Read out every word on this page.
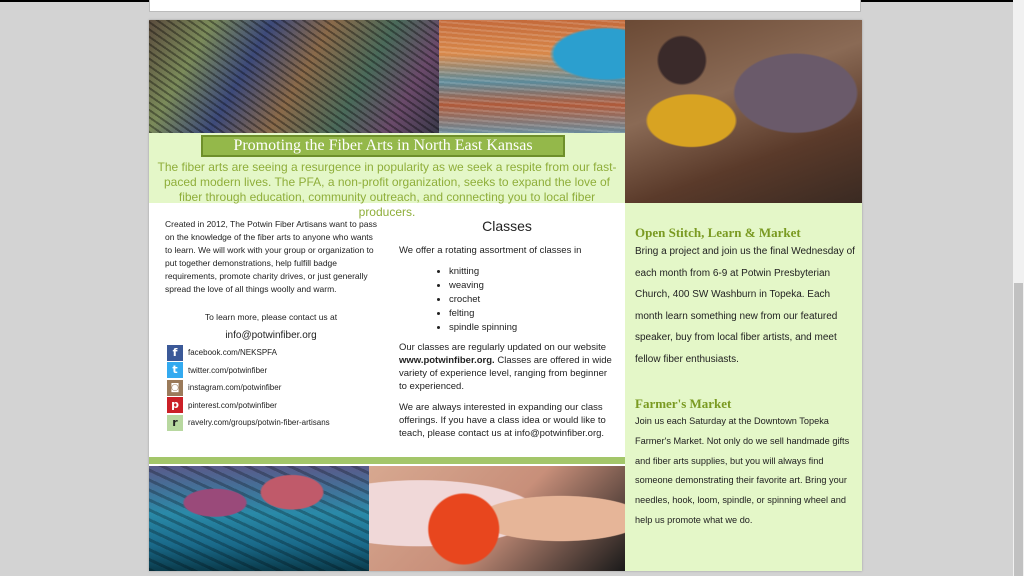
Promoting the Fiber Arts in North East Kansas
The fiber arts are seeing a resurgence in popularity as we seek a respite from our fast-paced modern lives. The PFA, a non-profit organization, seeks to expand the love of fiber through education, community outreach, and connecting you to local fiber producers.
Created in 2012, The Potwin Fiber Artisans want to pass on the knowledge of the fiber arts to anyone who wants to learn. We will work with your group or organization to put together demonstrations, help fulfill badge requirements, promote charity drives, or just generally spread the love of all things woolly and warm.
To learn more, please contact us at
info@potwinfiber.org
f	facebook.com/NEKSPFA
t	twitter.com/potwinfiber
◙	instagram.com/potwinfiber
p	pinterest.com/potwinfiber
r	ravelry.com/groups/potwin-fiber-artisans
Classes

We offer a rotating assortment of classes in

• knitting
• weaving
• crochet
• felting
• spindle spinning

Our classes are regularly updated on our website www.potwinfiber.org. Classes are offered in wide variety of experience level, ranging from beginner to experienced.

We are always interested in expanding our class offerings. If you have a class idea or would like to teach, please contact us at info@potwinfiber.org.

Open Stitch, Learn & Market

Bring a project and join us the final Wednesday of each month from 6-9 at Potwin Presbyterian Church, 400 SW Washburn in Topeka. Each month learn something new from our featured speaker, buy from local fiber artists, and meet fellow fiber enthusiasts.

Farmer's Market

Join us each Saturday at the Downtown Topeka Farmer's Market. Not only do we sell handmade gifts and fiber arts supplies, but you will always find someone demonstrating their favorite art. Bring your needles, hook, loom, spindle, or spinning wheel and help us promote what we do.
